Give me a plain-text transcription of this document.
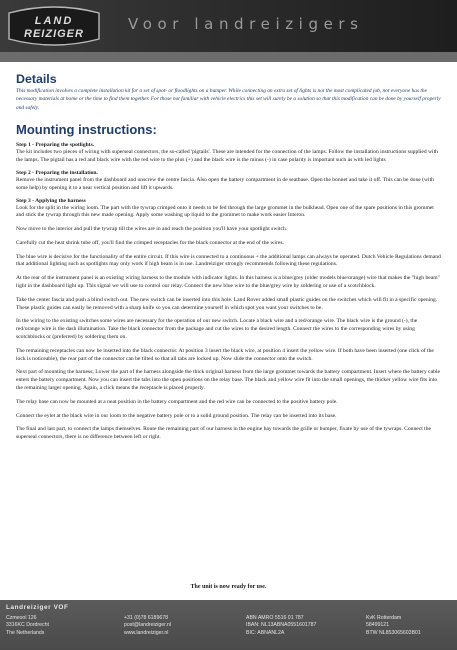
LAND
REIZIGER
Voor landreizigers
Details

This modification involves a complete installation kit for a set of spot- or floodlights on a bumper. While connecting an extra set of lights is not the most complicated job, not everyone has the necessary materials at home or the time to find them together. For those not familiar with vehicle electrics this set will surely be a solution so that this modification can be done by yourself properly and safely.

Mounting instructions:
Step 1 - Preparing the spotlights.

The kit includes two pieces of wiring with superseal connectors, the so-called 'pigtails'. These are intended for the connection of the lamps. Follow the installation instructions supplied with the lamps. The pigtail has a red and black wire with the red wire to the plus (+) and the black wire is the minus (-) in case polarity is important such as with led lights

Step 2 - Preparing the installation.

Remove the instrument panel from the dashboard and unscrew the centre fascia. Also open the battery compartment in de seatbase. Open the bonnet and take it off. This can be done (with some help) by opening it to a near vertical position and lift it upwards.

Step 3 - Applying the harness

Look for the split in the wiring loom. The part with the tywrap crimped onto it needs to be fed through the large grommet in the bulkhead. Open one of the spare positions in this grommet and stick the tywrap through this new made opening. Apply some washing up liquid to the grommet to make work easier Interon.

Now move to the interior and pull the tywrap till the wires are in and reach the position you'll have your spotlight switch.

Carefully cut the heat shrink tube off, you'll find the crimped receptacles for the black connector at the end of the wires.

The blue wire is decisive for the functionality of the entire circuit. If this wire is connected to a continuous + the additional lamps can always be operated. Dutch Vehicle Regulations demand that additional lighting such as spotlights may only work if high beam is in use. Landreiziger strongly recommends following these regulations.

At the rear of the instrument panel is an existing wiring harness to the module with indicator lights. In this harness is a blue/grey (older models blue/orange) wire that makes the "high beam" light in the dashboard light up. This signal we will use to control our relay. Connect the new blue wire to the blue/grey wire by soldering or use of a scotchblock.

Take the center fascia and push a blind switch out. The new switch can be inserted into this hole. Land Rover added small plastic guides on the switches which will fit in a specific opening. These plastic guides can easily be removed with a sharp knife so you can determine yourself in which spot you want your switches to be.

In the wiring to the existing switches some wires are necessary for the operation of our new switch. Locate a black wire and a red/orange wire. The black wire is the ground (-), the red/orange wire is the dash illumination. Take the black connector from the package and cut the wires to the desired length. Connect the wires to the corresponding wires by using scotchblocks or (preferred) by soldering them on.

The remaining receptacles can now be inserted into the black connector. At position 3 insert the black wire, at position 4 insert the yellow wire. If both have been inserted (one click of the lock is noticeable), the rear part of the connector can be tilted so that all tabs are locked up. Now slide the connector onto the switch.

Next part of mounting the harness; Lower the part of the harness alongside the thick original harness from the large grommet towards the battery compartment. Insert where the battery cable enters the battery compartment. Now you can insert the tabs into the open positions on the relay base. The black and yellow wire fit into the small openings, the thicker yellow wire fits into the remaining larger opening. Again, a click means the receptacle is placed properly.

The relay base can now be mounted at a neat position in the battery compartment and the red wire can be connected to the positive battery pole.

Connect the eylet at the black wire in our loom to the negative battery pole or to a solid ground position. The relay can be inserted into its base.

The final and last part, to connect the lamps themselves. Route the remaining part of our harness in the engine bay towards the grille or bumper, fixate by use of the tywraps. Connect the superseal connectors, there is no difference between left or right.

The unit is now ready for use.
Landreiziger VOF
Czmeool 126
3316KC Dordrecht
The Netherlands
+31 (0)78 6189678
post@landreiziger.nl
www.landreiziger.nl
ABN AMRO 5516 01 787
IBAN: NL13ABNA0551601787
BIC: ABNANL2A
KvK Rotterdam
58499121
BTW NL853065603B01
